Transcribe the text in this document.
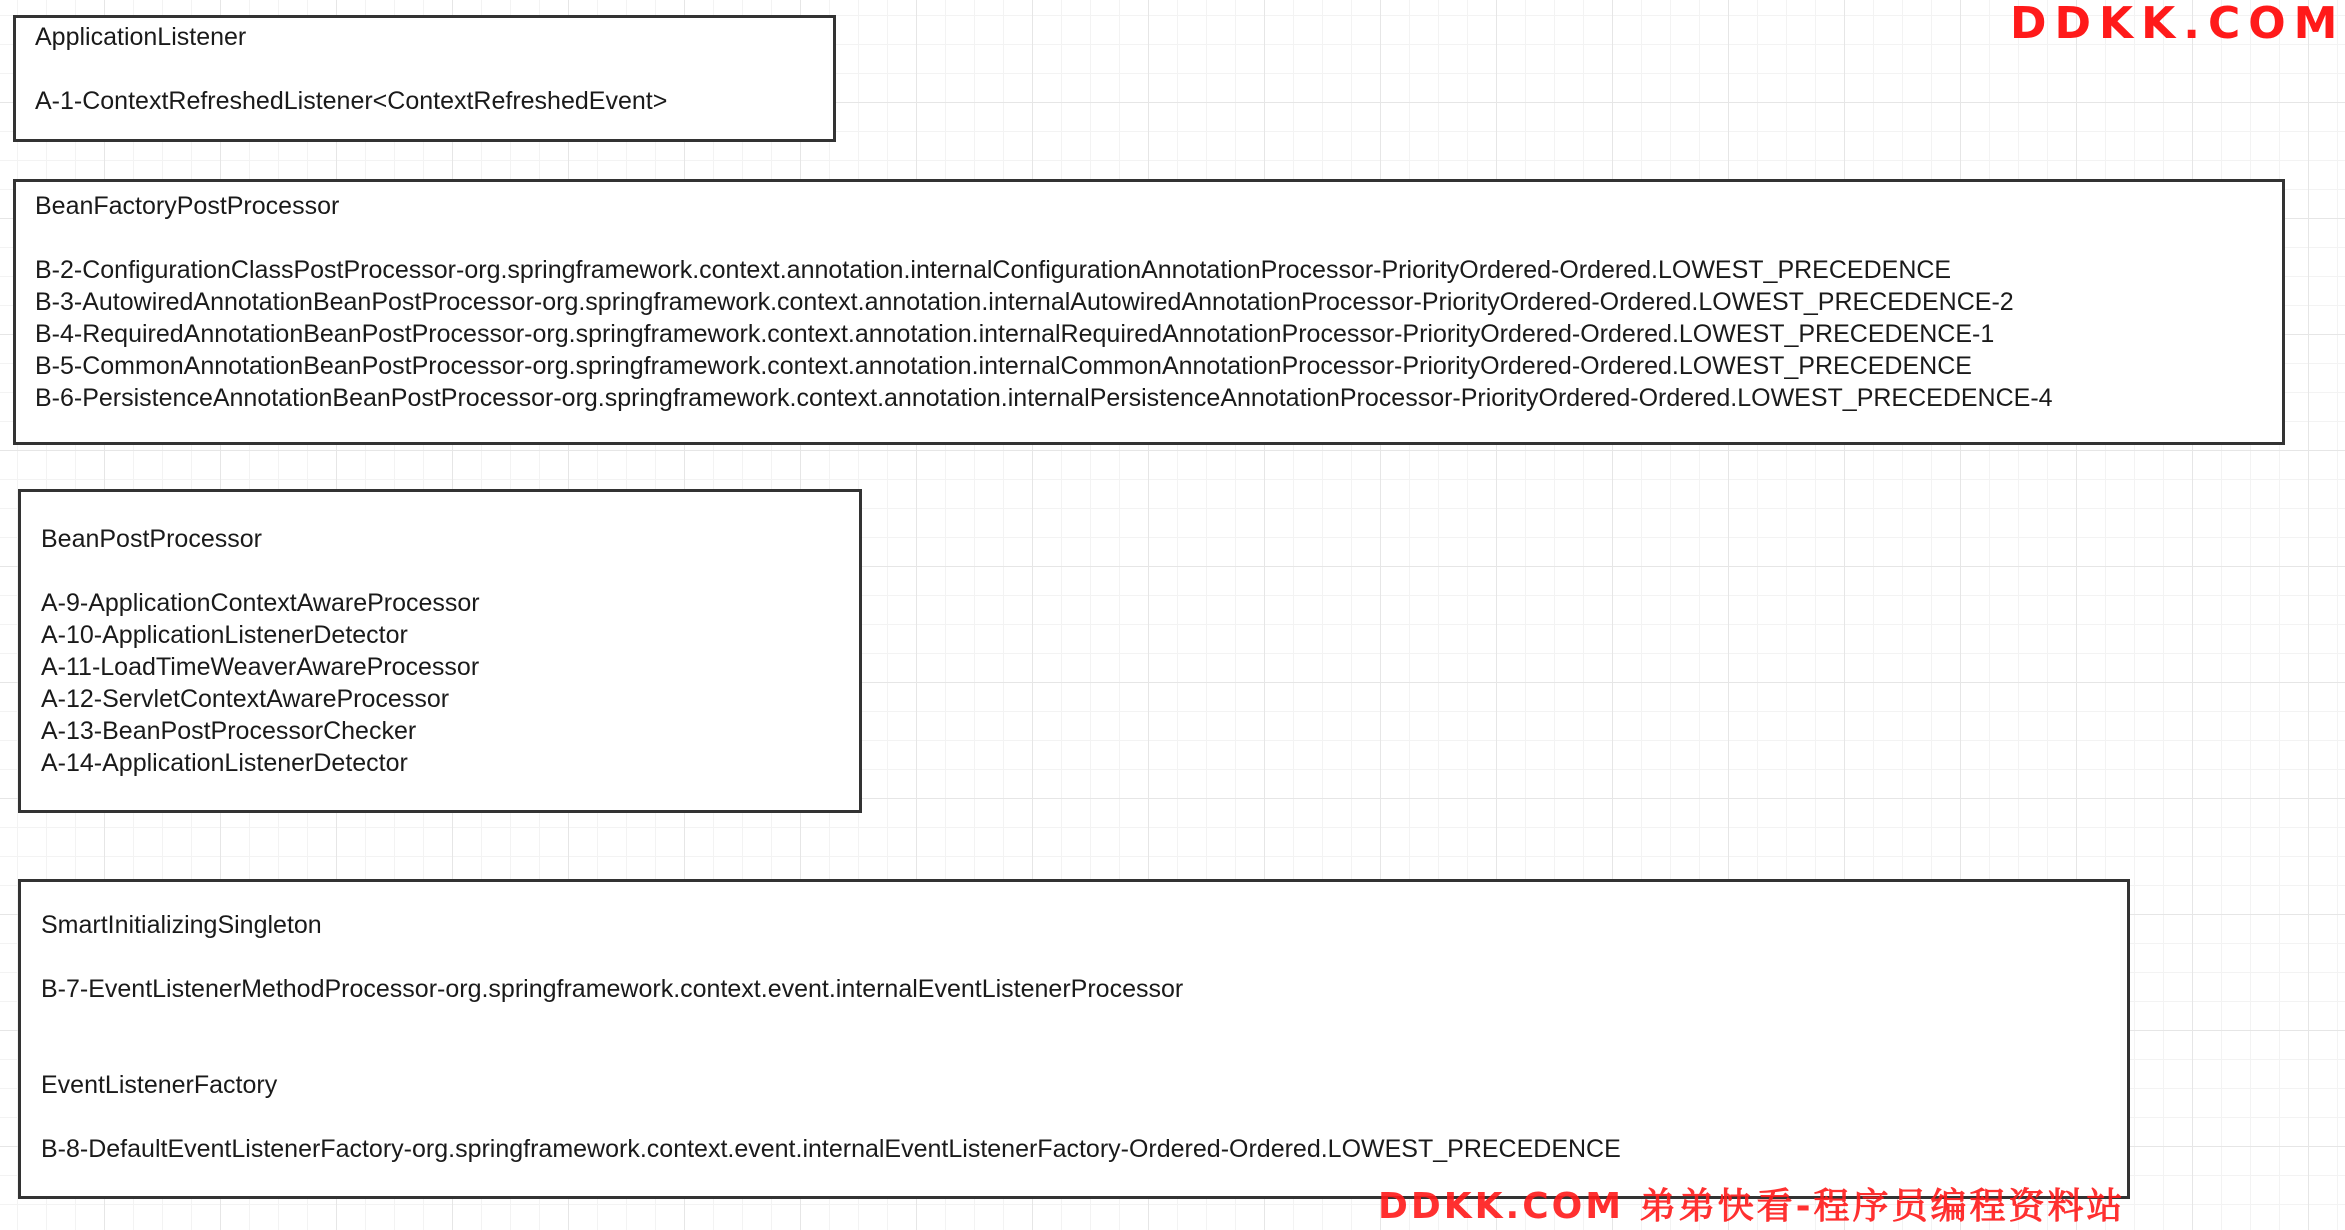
ApplicationListener
A-1-ContextRefreshedListener<ContextRefreshedEvent>
BeanFactoryPostProcessor
B-2-ConfigurationClassPostProcessor-org.springframework.context.annotation.internalConfigurationAnnotationProcessor-PriorityOrdered-Ordered.LOWEST_PRECEDENCE
B-3-AutowiredAnnotationBeanPostProcessor-org.springframework.context.annotation.internalAutowiredAnnotationProcessor-PriorityOrdered-Ordered.LOWEST_PRECEDENCE-2
B-4-RequiredAnnotationBeanPostProcessor-org.springframework.context.annotation.internalRequiredAnnotationProcessor-PriorityOrdered-Ordered.LOWEST_PRECEDENCE-1
B-5-CommonAnnotationBeanPostProcessor-org.springframework.context.annotation.internalCommonAnnotationProcessor-PriorityOrdered-Ordered.LOWEST_PRECEDENCE
B-6-PersistenceAnnotationBeanPostProcessor-org.springframework.context.annotation.internalPersistenceAnnotationProcessor-PriorityOrdered-Ordered.LOWEST_PRECEDENCE-4
BeanPostProcessor
A-9-ApplicationContextAwareProcessor
A-10-ApplicationListenerDetector
A-11-LoadTimeWeaverAwareProcessor
A-12-ServletContextAwareProcessor
A-13-BeanPostProcessorChecker
A-14-ApplicationListenerDetector
SmartInitializingSingleton
B-7-EventListenerMethodProcessor-org.springframework.context.event.internalEventListenerProcessor
EventListenerFactory
B-8-DefaultEventListenerFactory-org.springframework.context.event.internalEventListenerFactory-Ordered-Ordered.LOWEST_PRECEDENCE
DDKK.COM
DDKK.COM 弟弟快看-程序员编程资料站
